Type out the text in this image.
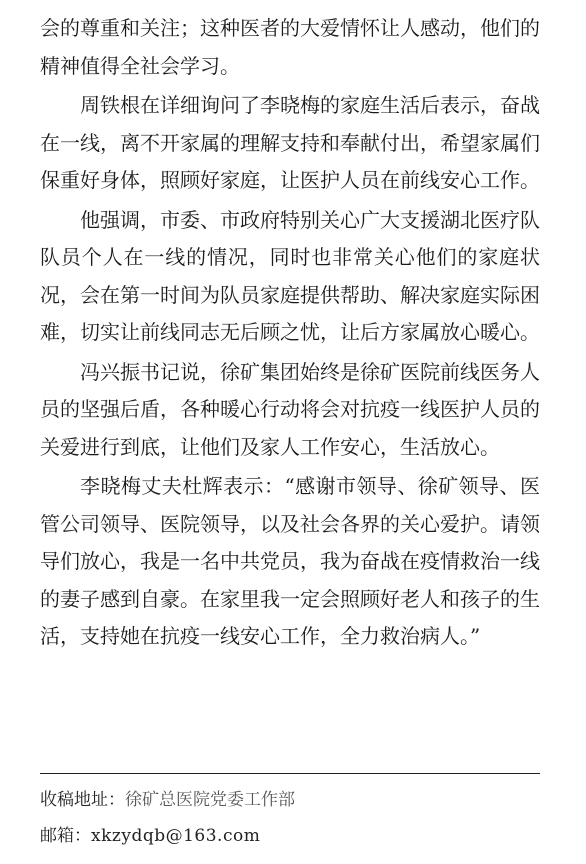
会的尊重和关注；这种医者的大爱情怀让人感动，他们的精神值得全社会学习。

周铁根在详细询问了李晓梅的家庭生活后表示，奋战在一线，离不开家属的理解支持和奉献付出，希望家属们保重好身体，照顾好家庭，让医护人员在前线安心工作。

他强调，市委、市政府特别关心广大支援湖北医疗队队员个人在一线的情况，同时也非常关心他们的家庭状况，会在第一时间为队员家庭提供帮助、解决家庭实际困难，切实让前线同志无后顾之忧，让后方家属放心暖心。

冯兴振书记说，徐矿集团始终是徐矿医院前线医务人员的坚强后盾，各种暖心行动将会对抗疫一线医护人员的关爱进行到底，让他们及家人工作安心，生活放心。

李晓梅丈夫杜辉表示：“感谢市领导、徐矿领导、医管公司领导、医院领导，以及社会各界的关心爱护。请领导们放心，我是一名中共党员，我为奋战在疫情救治一线的妻子感到自豪。在家里我一定会照顾好老人和孩子的生活，支持她在抗疫一线安心工作，全力救治病人。”

收稿地址：徐矿总医院党委工作部
邮箱：xkzydqb@163.com
